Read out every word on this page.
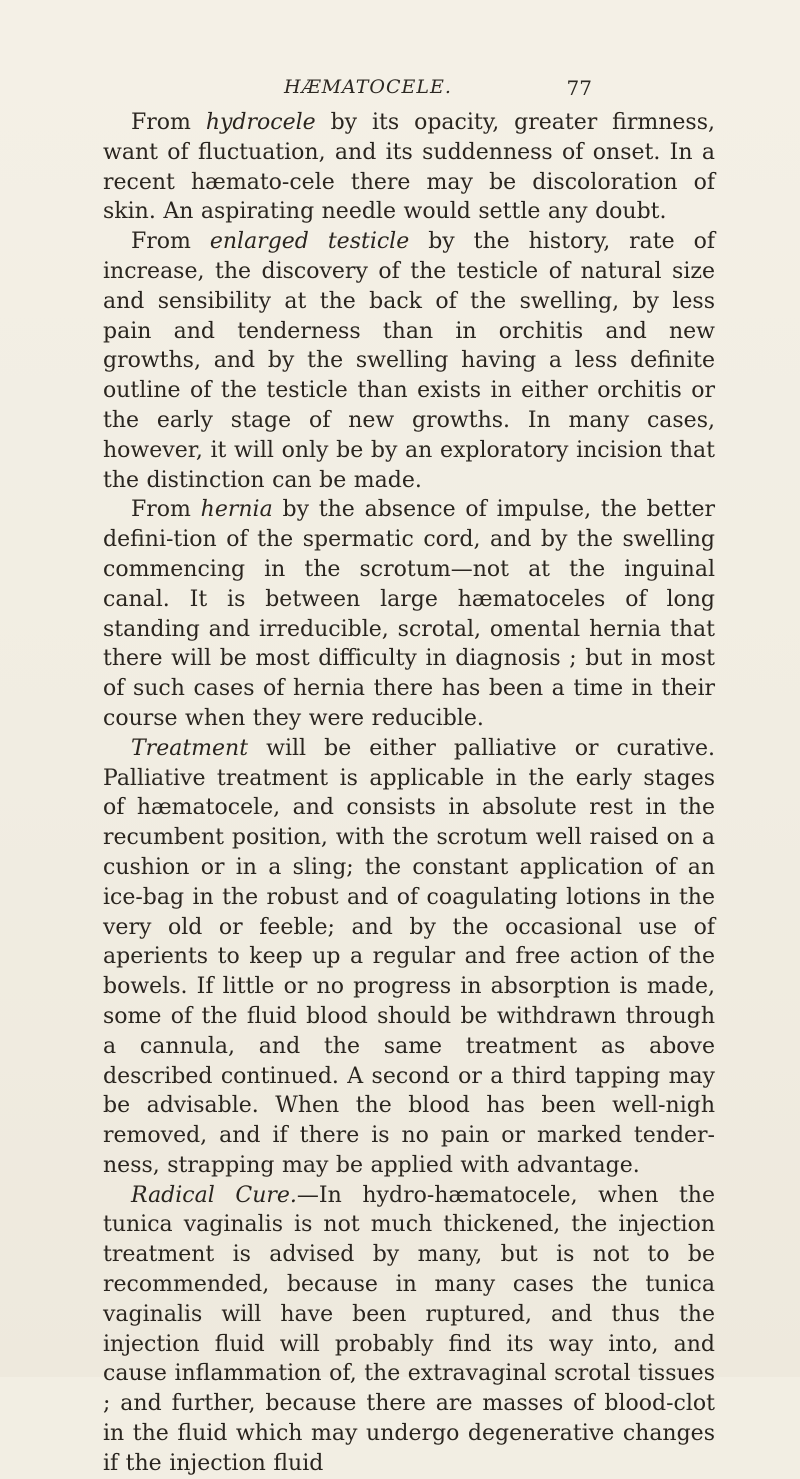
HÆMATOCELE.	77

From hydrocele by its opacity, greater firmness, want of fluctuation, and its suddenness of onset. In a recent hæmato-cele there may be discoloration of skin. An aspirating needle would settle any doubt.

From enlarged testicle by the history, rate of increase, the discovery of the testicle of natural size and sensibility at the back of the swelling, by less pain and tenderness than in orchitis and new growths, and by the swelling having a less definite outline of the testicle than exists in either orchitis or the early stage of new growths. In many cases, however, it will only be by an exploratory incision that the distinction can be made.

From hernia by the absence of impulse, the better defini-tion of the spermatic cord, and by the swelling commencing in the scrotum—not at the inguinal canal. It is between large hæmatoceles of long standing and irreducible, scrotal, omental hernia that there will be most difficulty in diagnosis ; but in most of such cases of hernia there has been a time in their course when they were reducible.

Treatment will be either palliative or curative. Palliative treatment is applicable in the early stages of hæmatocele, and consists in absolute rest in the recumbent position, with the scrotum well raised on a cushion or in a sling; the constant application of an ice-bag in the robust and of coagulating lotions in the very old or feeble; and by the occasional use of aperients to keep up a regular and free action of the bowels. If little or no progress in absorption is made, some of the fluid blood should be withdrawn through a cannula, and the same treatment as above described continued. A second or a third tapping may be advisable. When the blood has been well-nigh removed, and if there is no pain or marked tender-ness, strapping may be applied with advantage.

Radical Cure.—In hydro-hæmatocele, when the tunica vaginalis is not much thickened, the injection treatment is advised by many, but is not to be recommended, because in many cases the tunica vaginalis will have been ruptured, and thus the injection fluid will probably find its way into, and cause inflammation of, the extravaginal scrotal tissues ; and further, because there are masses of blood-clot in the fluid which may undergo degenerative changes if the injection fluid
